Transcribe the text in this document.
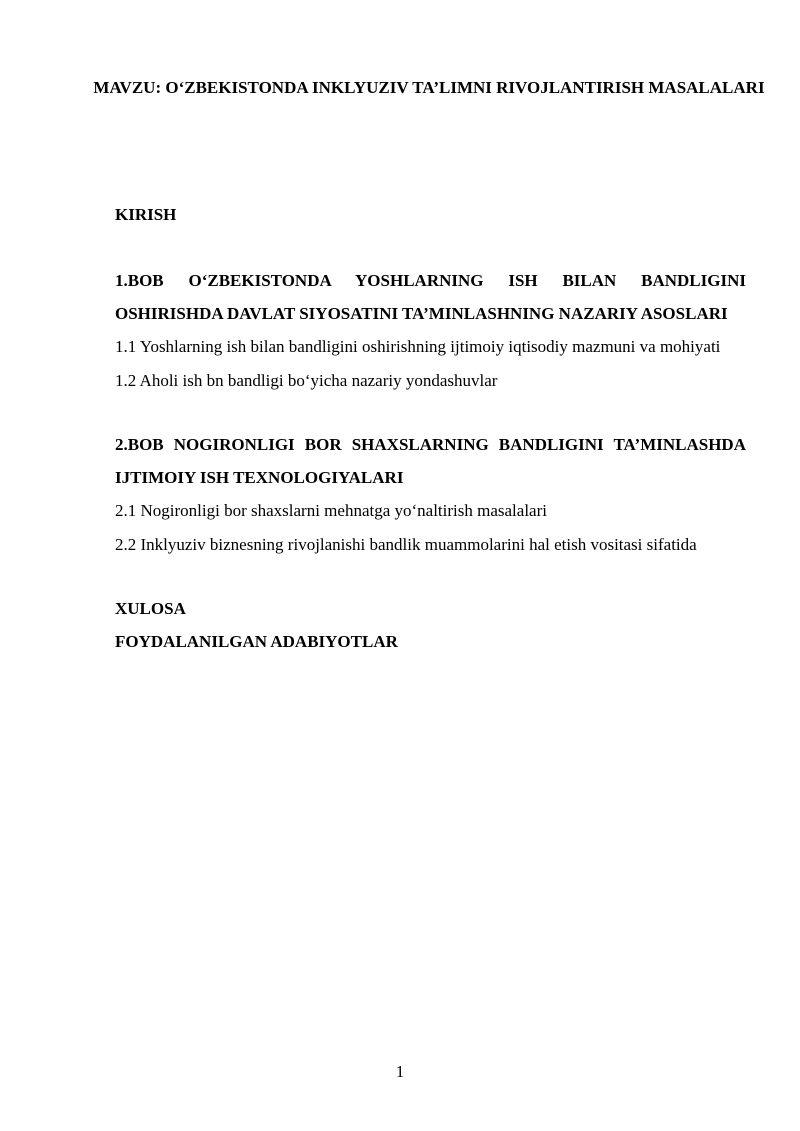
MAVZU: O‘ZBEKISTONDA INKLYUZIV TA’LIMNI RIVOJLANTIRISH MASALALARI

KIRISH

1.BOB O‘ZBEKISTONDA YOSHLARNING ISH BILAN BANDLIGINI OSHIRISHDA DAVLAT SIYOSATINI TA’MINLASHNING NAZARIY ASOSLARI

1.1 Yoshlarning ish bilan bandligini oshirishning ijtimoiy iqtisodiy mazmuni va mohiyati

1.2 Aholi ish bn bandligi bo‘yicha nazariy yondashuvlar

2.BOB NOGIRONLIGI BOR SHAXSLARNING BANDLIGINI TA’MINLASHDA IJTIMOIY ISH TEXNOLOGIYALARI

2.1 Nogironligi bor shaxslarni mehnatga yo‘naltirish masalalari

2.2 Inklyuziv biznesning rivojlanishi bandlik muammolarini hal etish vositasi sifatida

XULOSA

FOYDALANILGAN ADABIYOTLAR

1
